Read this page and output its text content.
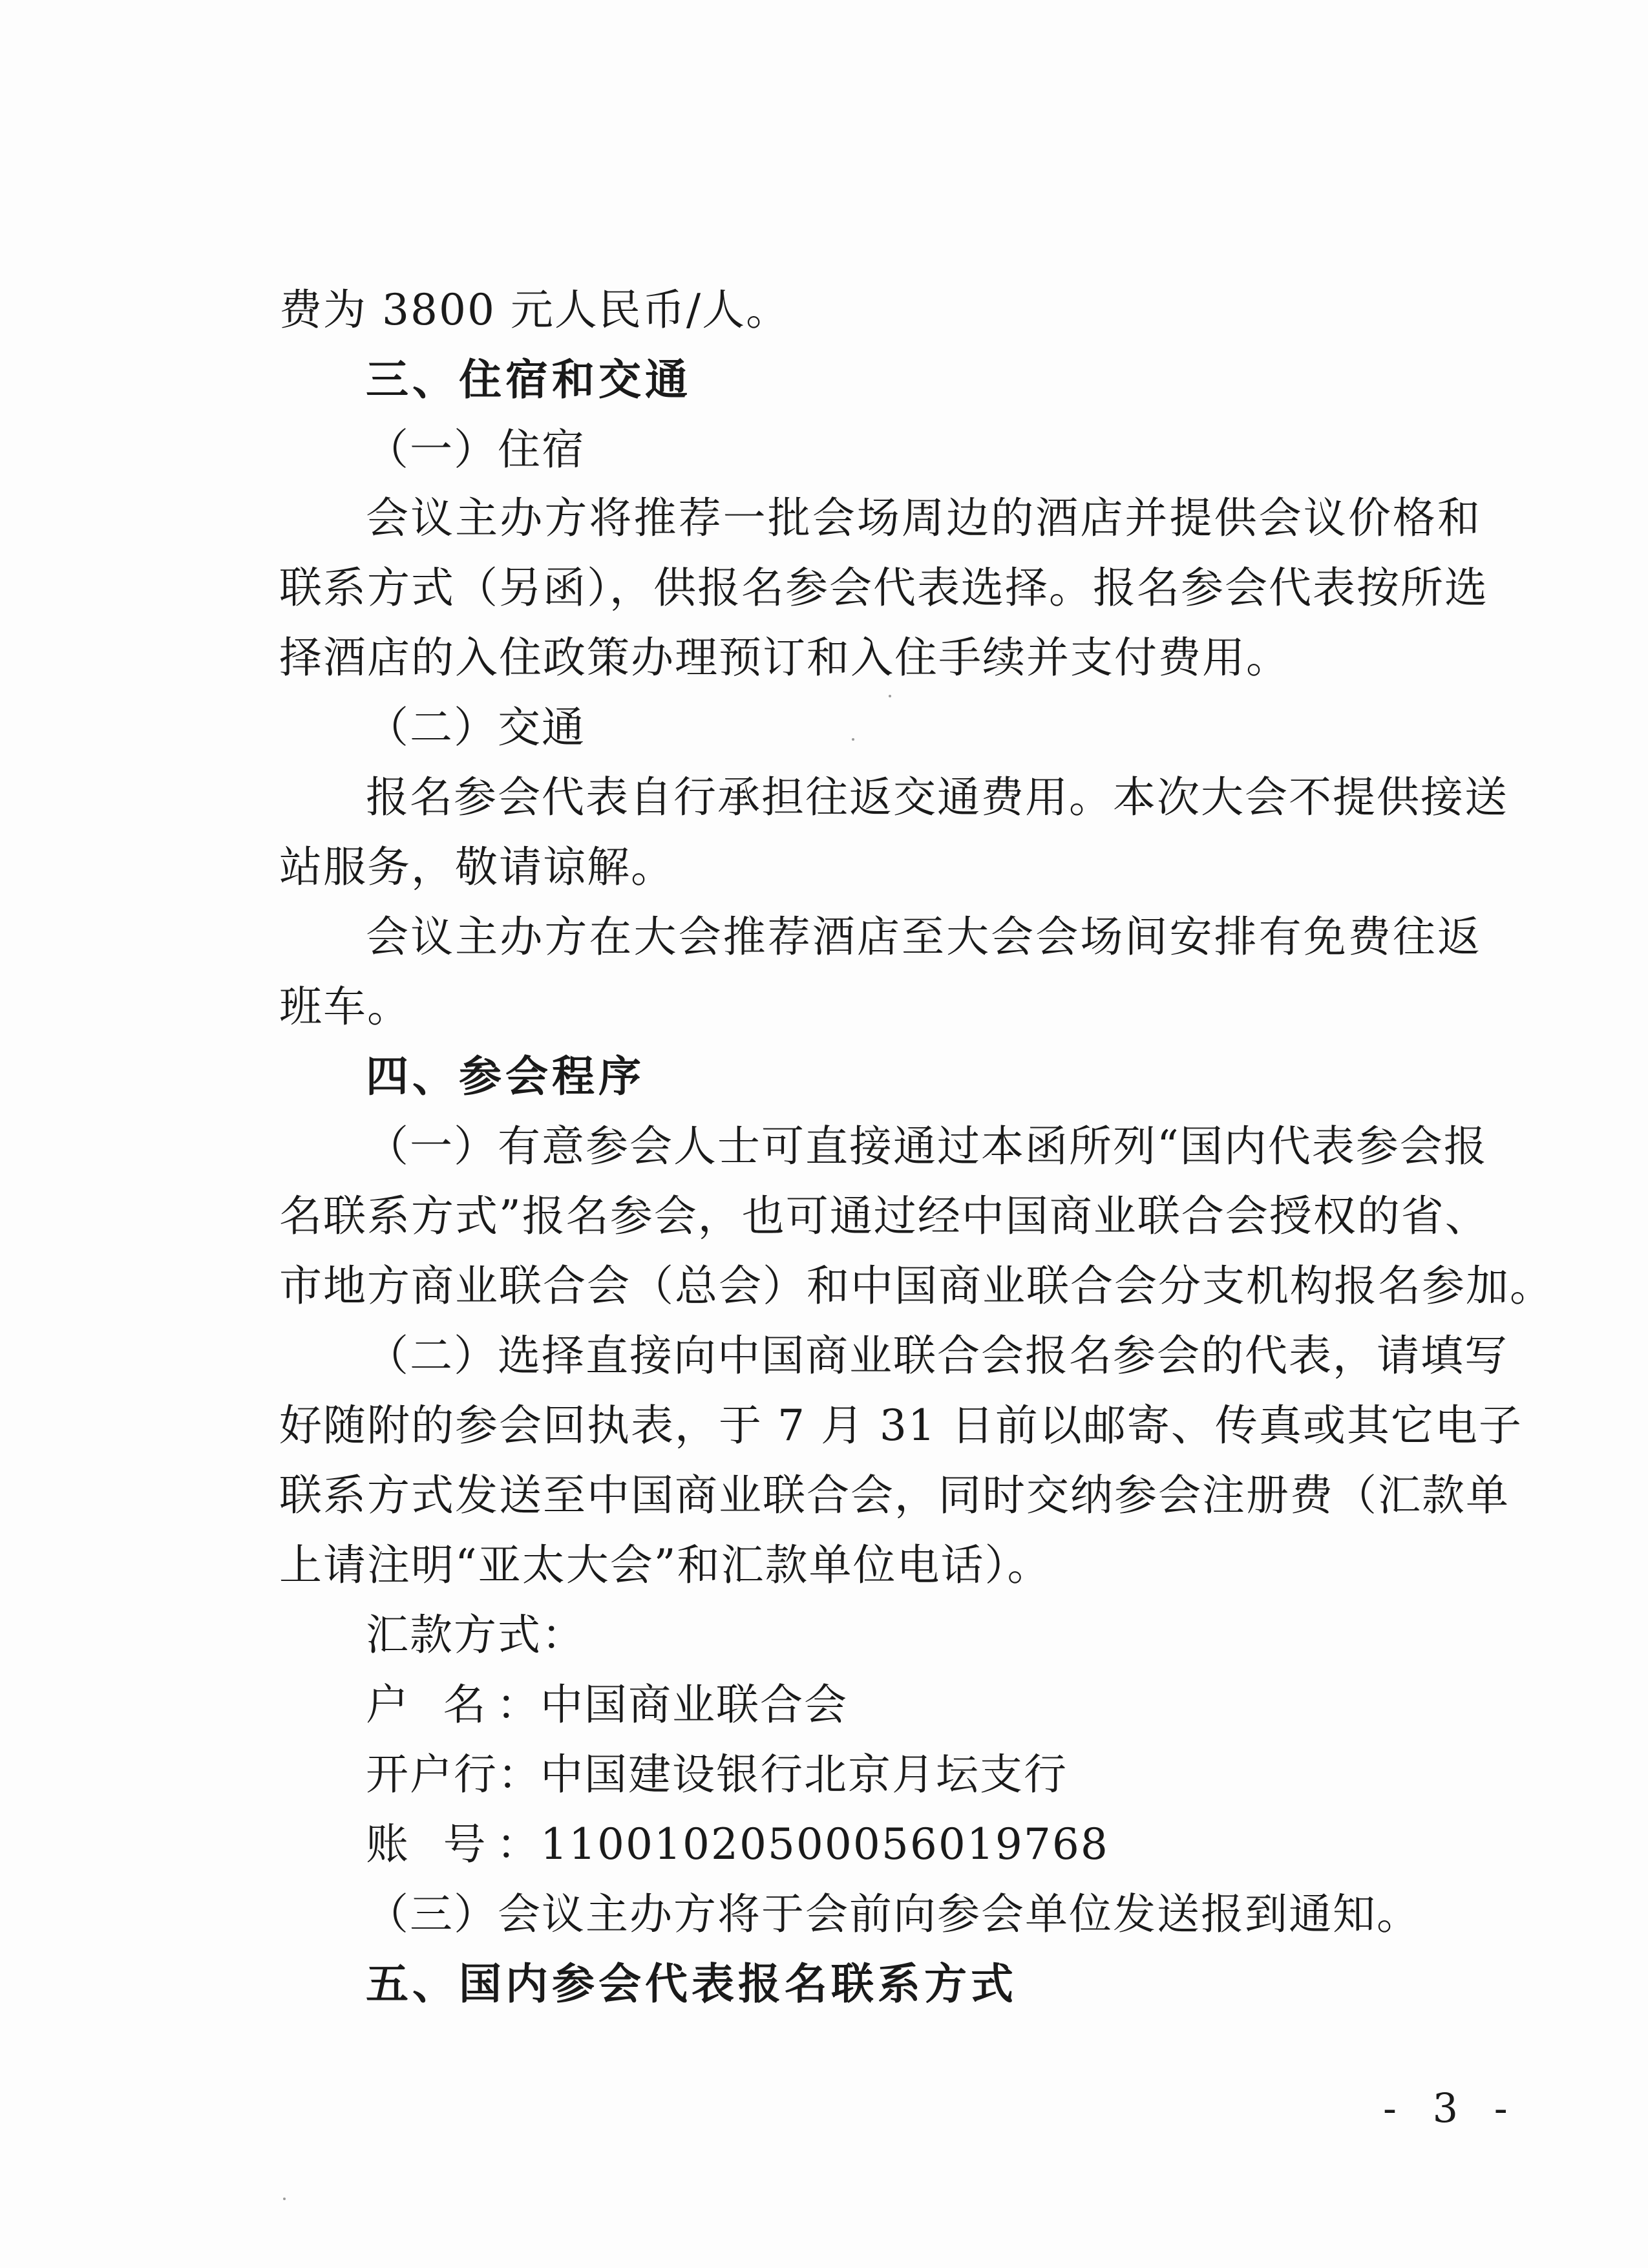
费为 3800 元人民币/人。
三、住宿和交通
（一）住宿
会议主办方将推荐一批会场周边的酒店并提供会议价格和
联系方式（另函），供报名参会代表选择。报名参会代表按所选
择酒店的入住政策办理预订和入住手续并支付费用。
（二）交通
报名参会代表自行承担往返交通费用。本次大会不提供接送
站服务，敬请谅解。
会议主办方在大会推荐酒店至大会会场间安排有免费往返
班车。
四、参会程序
（一）有意参会人士可直接通过本函所列“国内代表参会报
名联系方式”报名参会，也可通过经中国商业联合会授权的省、
市地方商业联合会（总会）和中国商业联合会分支机构报名参加。
（二）选择直接向中国商业联合会报名参会的代表，请填写
好随附的参会回执表，于 7 月 31 日前以邮寄、传真或其它电子
联系方式发送至中国商业联合会，同时交纳参会注册费（汇款单
上请注明“亚太大会”和汇款单位电话）。
汇款方式：
户 名：中国商业联合会
开户行：中国建设银行北京月坛支行
账 号：11001020500056019768
（三）会议主办方将于会前向参会单位发送报到通知。
五、国内参会代表报名联系方式
- 3 -
